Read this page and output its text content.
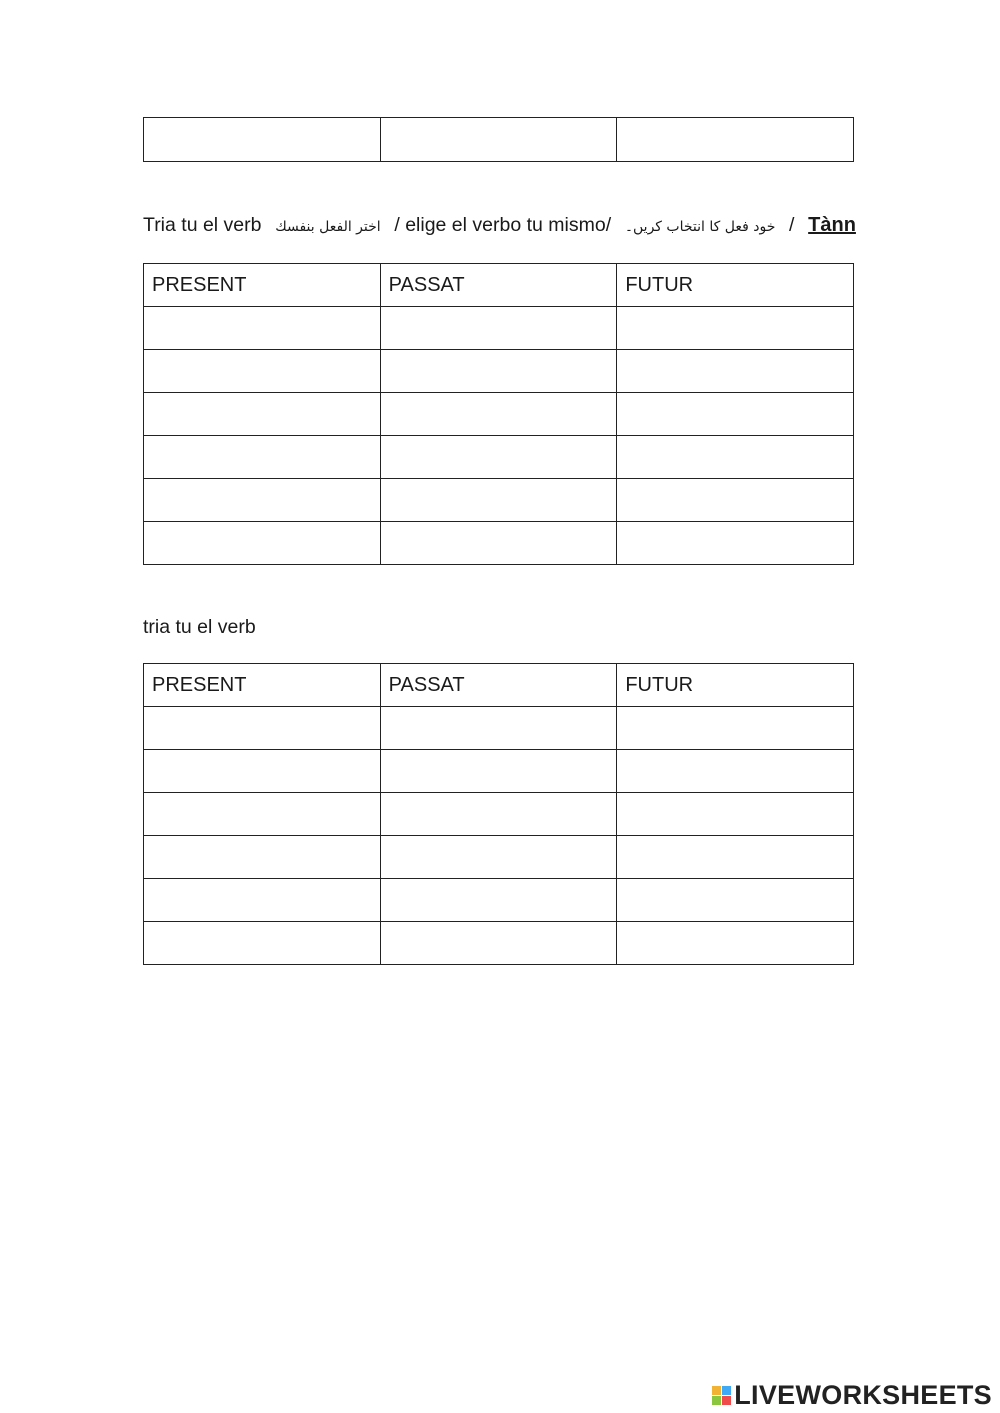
Tria tu el verb اختر الفعل بنفسك / elige el verbo tu mismo/ خود فعل کا انتخاب کریں۔ / Tànn
PRESENT	PASSAT	FUTUR

tria tu el verb
PRESENT	PASSAT	FUTUR

LIVEWORKSHEETS
